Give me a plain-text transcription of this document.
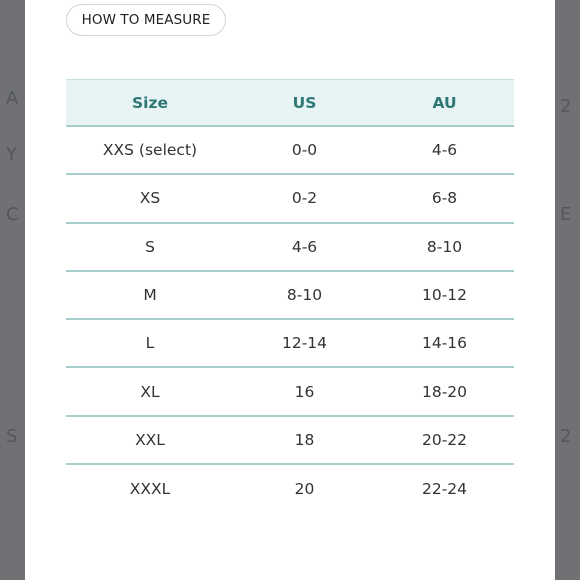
A	2
Y
C	E
S	2
HOW TO MEASURE
Size	US	AU
XXS (select)	0-0	4-6
XS	0-2	6-8
S	4-6	8-10
M	8-10	10-12
L	12-14	14-16
XL	16	18-20
XXL	18	20-22
XXXL	20	22-24
